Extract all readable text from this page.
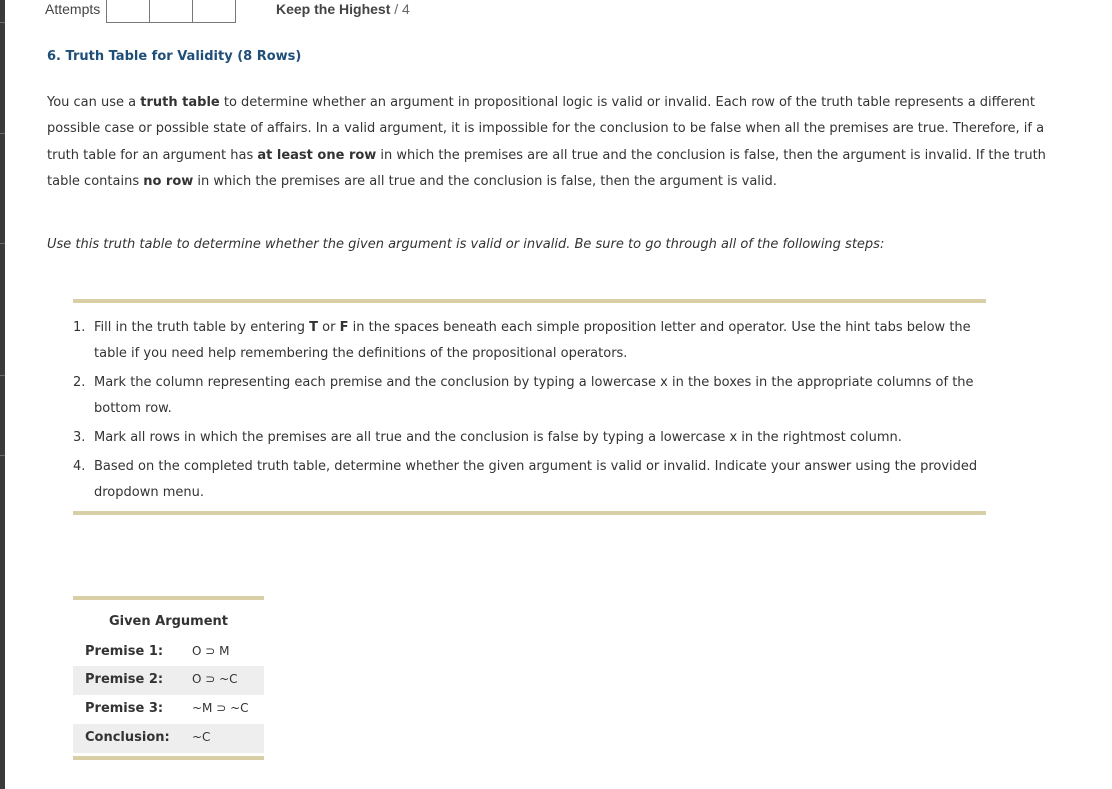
Attempts	Keep the Highest / 4
6. Truth Table for Validity (8 Rows)

You can use a truth table to determine whether an argument in propositional logic is valid or invalid. Each row of the truth table represents a different possible case or possible state of affairs. In a valid argument, it is impossible for the conclusion to be false when all the premises are true. Therefore, if a truth table for an argument has at least one row in which the premises are all true and the conclusion is false, then the argument is invalid. If the truth table contains no row in which the premises are all true and the conclusion is false, then the argument is valid.

Use this truth table to determine whether the given argument is valid or invalid. Be sure to go through all of the following steps:

1. Fill in the truth table by entering T or F in the spaces beneath each simple proposition letter and operator. Use the hint tabs below the table if you need help remembering the definitions of the propositional operators.
2. Mark the column representing each premise and the conclusion by typing a lowercase x in the boxes in the appropriate columns of the bottom row.
3. Mark all rows in which the premises are all true and the conclusion is false by typing a lowercase x in the rightmost column.
4. Based on the completed truth table, determine whether the given argument is valid or invalid. Indicate your answer using the provided dropdown menu.
Given Argument
Premise 1: O ⊃ M
Premise 2: O ⊃ ~C
Premise 3: ~M ⊃ ~C
Conclusion: ~C
